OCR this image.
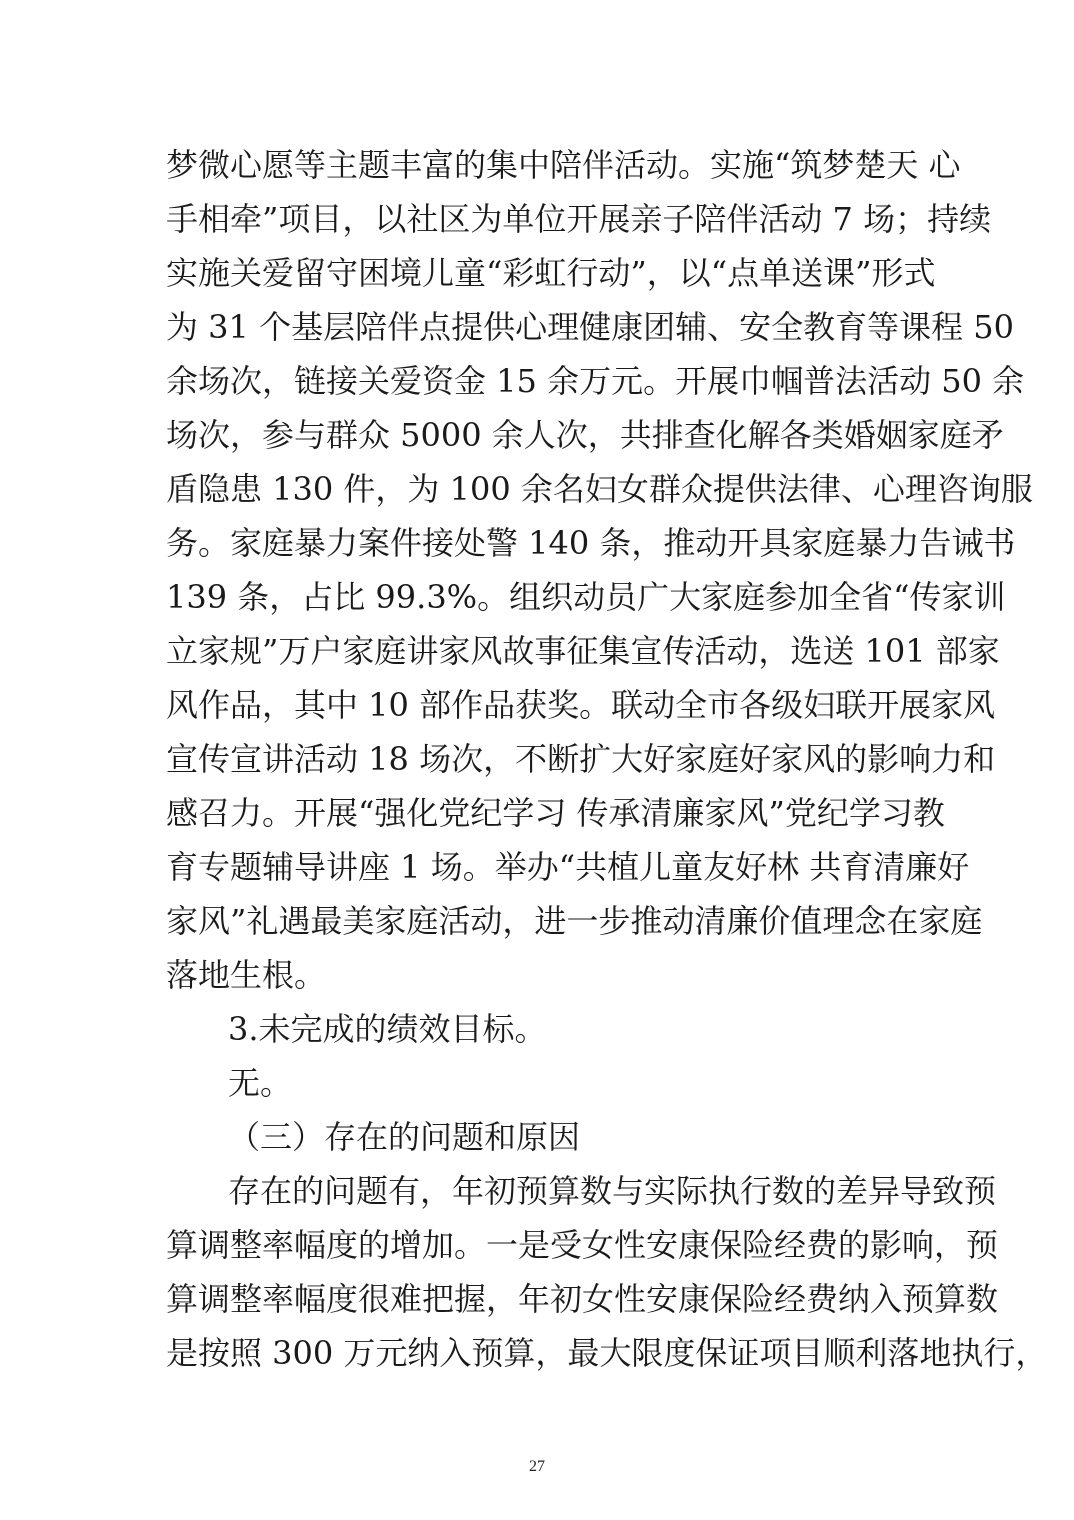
梦微心愿等主题丰富的集中陪伴活动。实施“筑梦楚天 心
手相牵”项目，以社区为单位开展亲子陪伴活动 7 场；持续
实施关爱留守困境儿童“彩虹行动”，以“点单送课”形式
为 31 个基层陪伴点提供心理健康团辅、安全教育等课程 50
余场次，链接关爱资金 15 余万元。开展巾帼普法活动 50 余
场次，参与群众 5000 余人次，共排查化解各类婚姻家庭矛
盾隐患 130 件，为 100 余名妇女群众提供法律、心理咨询服
务。家庭暴力案件接处警 140 条，推动开具家庭暴力告诫书
139 条，占比 99.3%。组织动员广大家庭参加全省“传家训
立家规”万户家庭讲家风故事征集宣传活动，选送 101 部家
风作品，其中 10 部作品获奖。联动全市各级妇联开展家风
宣传宣讲活动 18 场次，不断扩大好家庭好家风的影响力和
感召力。开展“强化党纪学习 传承清廉家风”党纪学习教
育专题辅导讲座 1 场。举办“共植儿童友好林 共育清廉好
家风”礼遇最美家庭活动，进一步推动清廉价值理念在家庭
落地生根。
3.未完成的绩效目标。
无。
（三）存在的问题和原因
存在的问题有，年初预算数与实际执行数的差异导致预
算调整率幅度的增加。一是受女性安康保险经费的影响，预
算调整率幅度很难把握，年初女性安康保险经费纳入预算数
是按照 300 万元纳入预算，最大限度保证项目顺利落地执行，
27
